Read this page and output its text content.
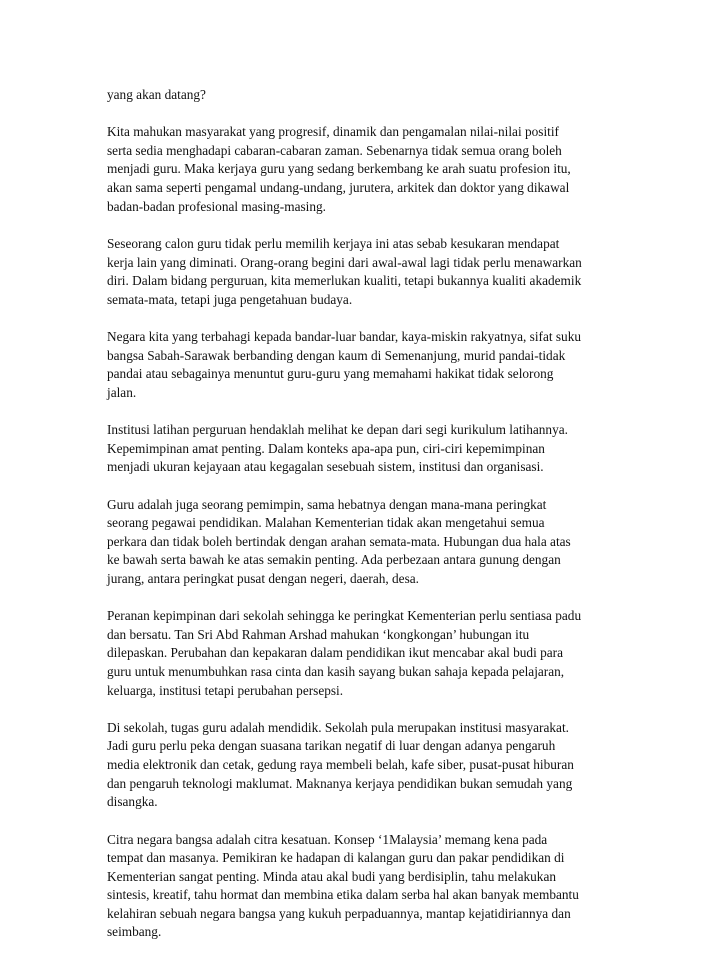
yang akan datang?

Kita mahukan masyarakat yang progresif, dinamik dan pengamalan nilai-nilai positif
serta sedia menghadapi cabaran-cabaran zaman. Sebenarnya tidak semua orang boleh
menjadi guru. Maka kerjaya guru yang sedang berkembang ke arah suatu profesion itu,
akan sama seperti pengamal undang-undang, jurutera, arkitek dan doktor yang dikawal
badan-badan profesional masing-masing.

Seseorang calon guru tidak perlu memilih kerjaya ini atas sebab kesukaran mendapat
kerja lain yang diminati. Orang-orang begini dari awal-awal lagi tidak perlu menawarkan
diri. Dalam bidang perguruan, kita memerlukan kualiti, tetapi bukannya kualiti akademik
semata-mata, tetapi juga pengetahuan budaya.

Negara kita yang terbahagi kepada bandar-luar bandar, kaya-miskin rakyatnya, sifat suku
bangsa Sabah-Sarawak berbanding dengan kaum di Semenanjung, murid pandai-tidak
pandai atau sebagainya menuntut guru-guru yang memahami hakikat tidak selorong
jalan.

Institusi latihan perguruan hendaklah melihat ke depan dari segi kurikulum latihannya.
Kepemimpinan amat penting. Dalam konteks apa-apa pun, ciri-ciri kepemimpinan
menjadi ukuran kejayaan atau kegagalan sesebuah sistem, institusi dan organisasi.

Guru adalah juga seorang pemimpin, sama hebatnya dengan mana-mana peringkat
seorang pegawai pendidikan. Malahan Kementerian tidak akan mengetahui semua
perkara dan tidak boleh bertindak dengan arahan semata-mata. Hubungan dua hala atas
ke bawah serta bawah ke atas semakin penting. Ada perbezaan antara gunung dengan
jurang, antara peringkat pusat dengan negeri, daerah, desa.

Peranan kepimpinan dari sekolah sehingga ke peringkat Kementerian perlu sentiasa padu
dan bersatu. Tan Sri Abd Rahman Arshad mahukan ‘kongkongan’ hubungan itu
dilepaskan. Perubahan dan kepakaran dalam pendidikan ikut mencabar akal budi para
guru untuk menumbuhkan rasa cinta dan kasih sayang bukan sahaja kepada pelajaran,
keluarga, institusi tetapi perubahan persepsi.

Di sekolah, tugas guru adalah mendidik. Sekolah pula merupakan institusi masyarakat.
Jadi guru perlu peka dengan suasana tarikan negatif di luar dengan adanya pengaruh
media elektronik dan cetak, gedung raya membeli belah, kafe siber, pusat-pusat hiburan
dan pengaruh teknologi maklumat. Maknanya kerjaya pendidikan bukan semudah yang
disangka.

Citra negara bangsa adalah citra kesatuan. Konsep ‘1Malaysia’ memang kena pada
tempat dan masanya. Pemikiran ke hadapan di kalangan guru dan pakar pendidikan di
Kementerian sangat penting. Minda atau akal budi yang berdisiplin, tahu melakukan
sintesis, kreatif, tahu hormat dan membina etika dalam serba hal akan banyak membantu
kelahiran sebuah negara bangsa yang kukuh perpaduannya, mantap kejatidiriannya dan
seimbang.
